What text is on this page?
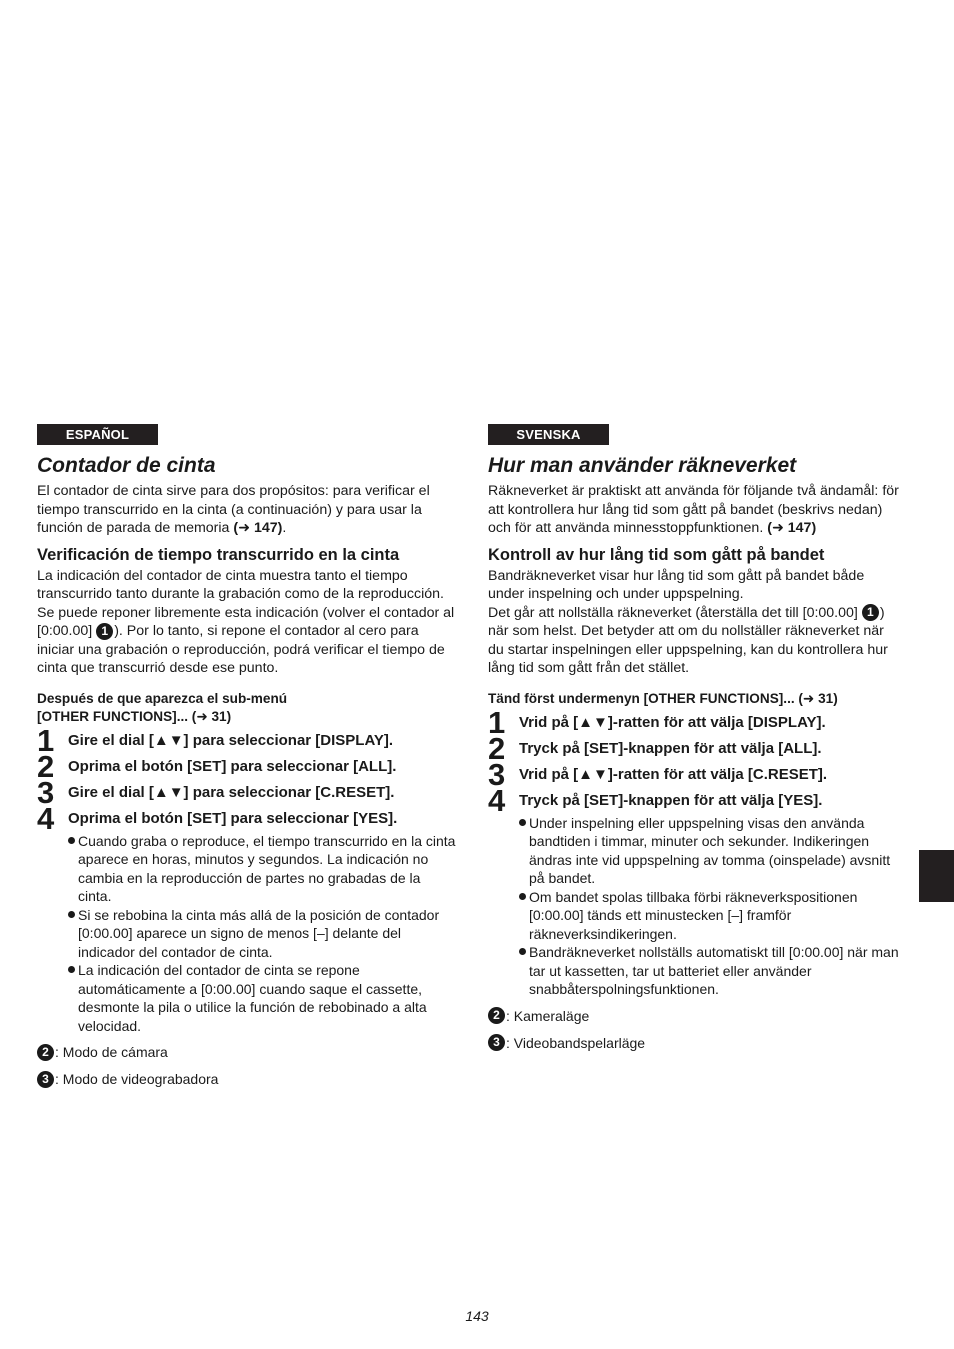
ESPAÑOL
Contador de cinta

El contador de cinta sirve para dos propósitos: para verificar el tiempo transcurrido en la cinta (a continuación) y para usar la función de parada de memoria (➜ 147).

Verificación de tiempo transcurrido en la cinta

La indicación del contador de cinta muestra tanto el tiempo transcurrido tanto durante la grabación como de la reproducción.

Se puede reponer libremente esta indicación (volver el contador al [0:00.00] 1 ). Por lo tanto, si repone el contador al cero para iniciar una grabación o reproducción, podrá verificar el tiempo de cinta que transcurrió desde ese punto.

Después de que aparezca el sub-menú
[OTHER FUNCTIONS]... (➜ 31)
1 Gire el dial [▲▼] para seleccionar [DISPLAY].
2 Oprima el botón [SET] para seleccionar [ALL].
3 Gire el dial [▲▼] para seleccionar [C.RESET].
4 Oprima el botón [SET] para seleccionar [YES].
Cuando graba o reproduce, el tiempo transcurrido en la cinta aparece en horas, minutos y segundos. La indicación no cambia en la reproducción de partes no grabadas de la cinta.
Si se rebobina la cinta más allá de la posición de contador [0:00.00] aparece un signo de menos [–] delante del indicador del contador de cinta.
La indicación del contador de cinta se repone automáticamente a [0:00.00] cuando saque el cassette, desmonte la pila o utilice la función de rebobinado a alta velocidad.
2 : Modo de cámara
3 : Modo de videograbadora
SVENSKA
Hur man använder räkneverket

Räkneverket är praktiskt att använda för följande två ändamål: för att kontrollera hur lång tid som gått på bandet (beskrivs nedan) och för att använda minnesstoppfunktionen. (➜ 147)

Kontroll av hur lång tid som gått på bandet

Bandräkneverket visar hur lång tid som gått på bandet både under inspelning och under uppspelning.

Det går att nollställa räkneverket (återställa det till [0:00.00] 1 ) när som helst. Det betyder att om du nollställer räkneverket när du startar inspelningen eller uppspelning, kan du kontrollera hur lång tid som gått från det stället.

Tänd först undermenyn [OTHER FUNCTIONS]... (➜ 31)
1 Vrid på [▲▼]-ratten för att välja [DISPLAY].
2 Tryck på [SET]-knappen för att välja [ALL].
3 Vrid på [▲▼]-ratten för att välja [C.RESET].
4 Tryck på [SET]-knappen för att välja [YES].
Under inspelning eller uppspelning visas den använda bandtiden i timmar, minuter och sekunder. Indikeringen ändras inte vid uppspelning av tomma (oinspelade) avsnitt på bandet.
Om bandet spolas tillbaka förbi räkneverkspositionen [0:00.00] tänds ett minustecken [–] framför räkneverksindikeringen.
Bandräkneverket nollställs automatiskt till [0:00.00] när man tar ut kassetten, tar ut batteriet eller använder snabbåterspolningsfunktionen.
2 : Kameraläge
3 : Videobandspelarläge
143
